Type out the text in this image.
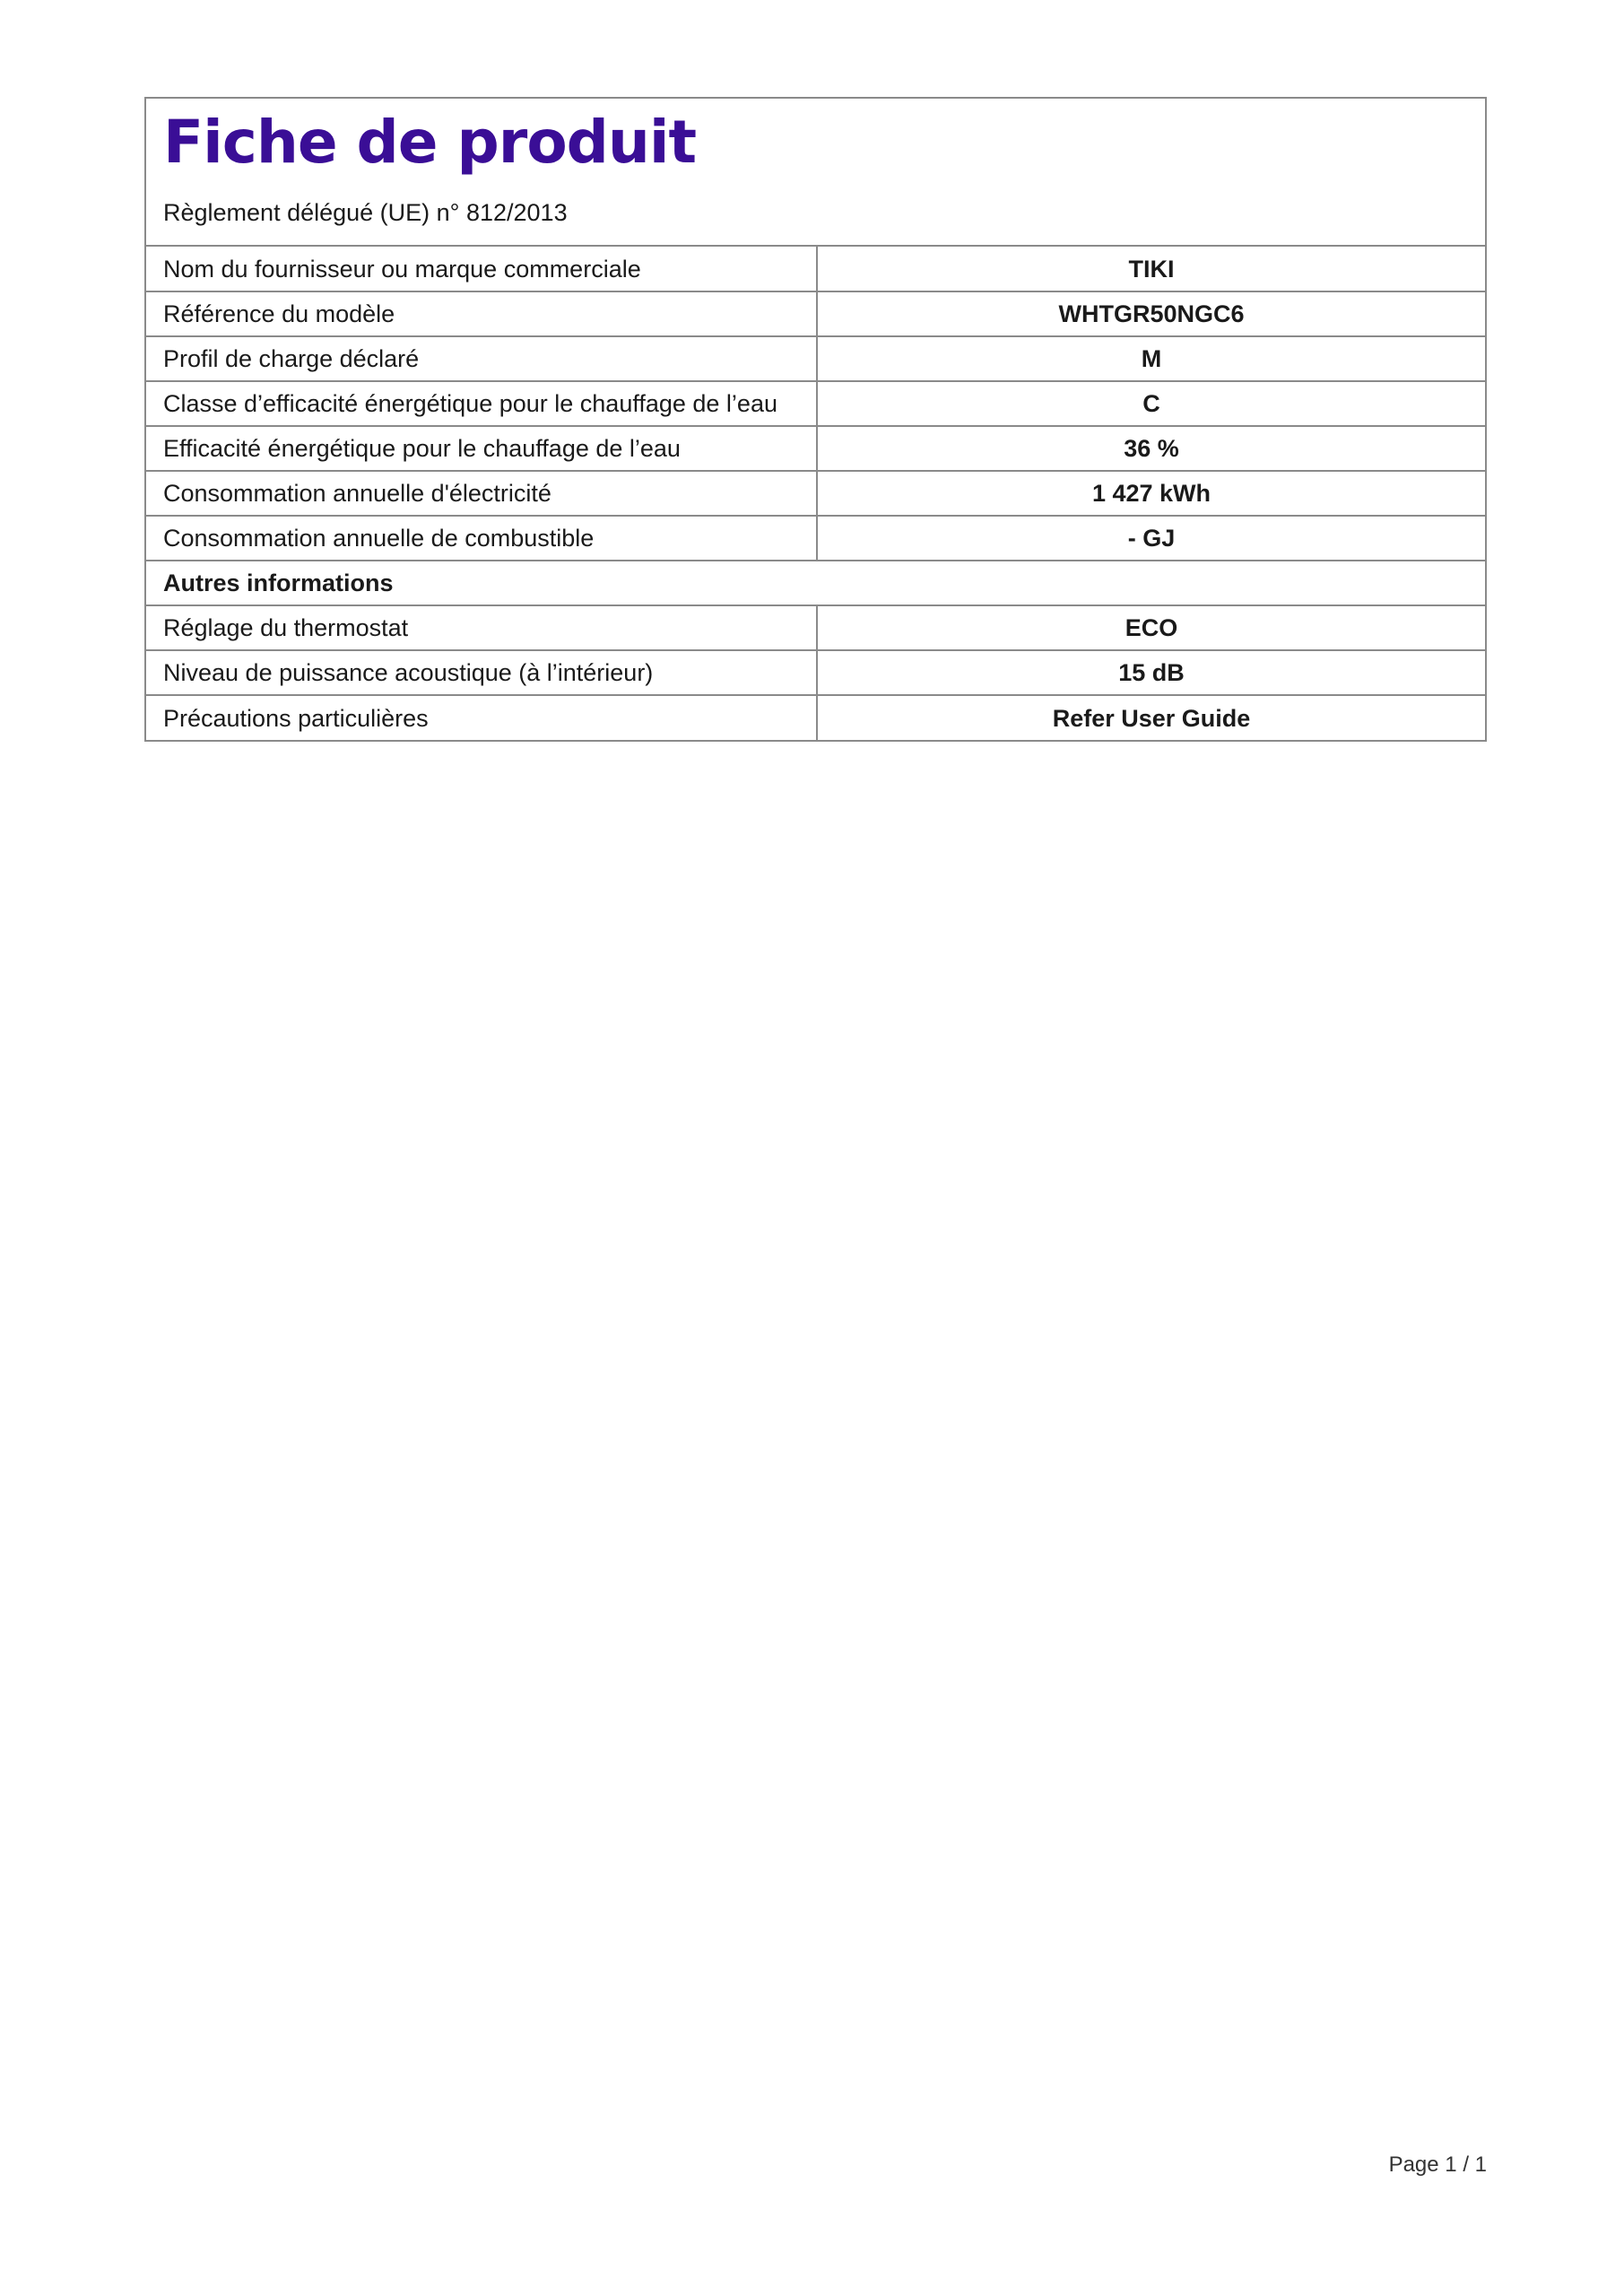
Fiche de produit

Règlement délégué (UE) n° 812/2013

Nom du fournisseur ou marque commerciale	TIKI
Référence du modèle	WHTGR50NGC6
Profil de charge déclaré	M
Classe d’efficacité énergétique pour le chauffage de l’eau	C
Efficacité énergétique pour le chauffage de l’eau	36 %
Consommation annuelle d'électricité	1 427 kWh
Consommation annuelle de combustible	- GJ
Autres informations	
Réglage du thermostat	ECO
Niveau de puissance acoustique (à l’intérieur)	15 dB
Précautions particulières	Refer User Guide
Page 1 / 1
